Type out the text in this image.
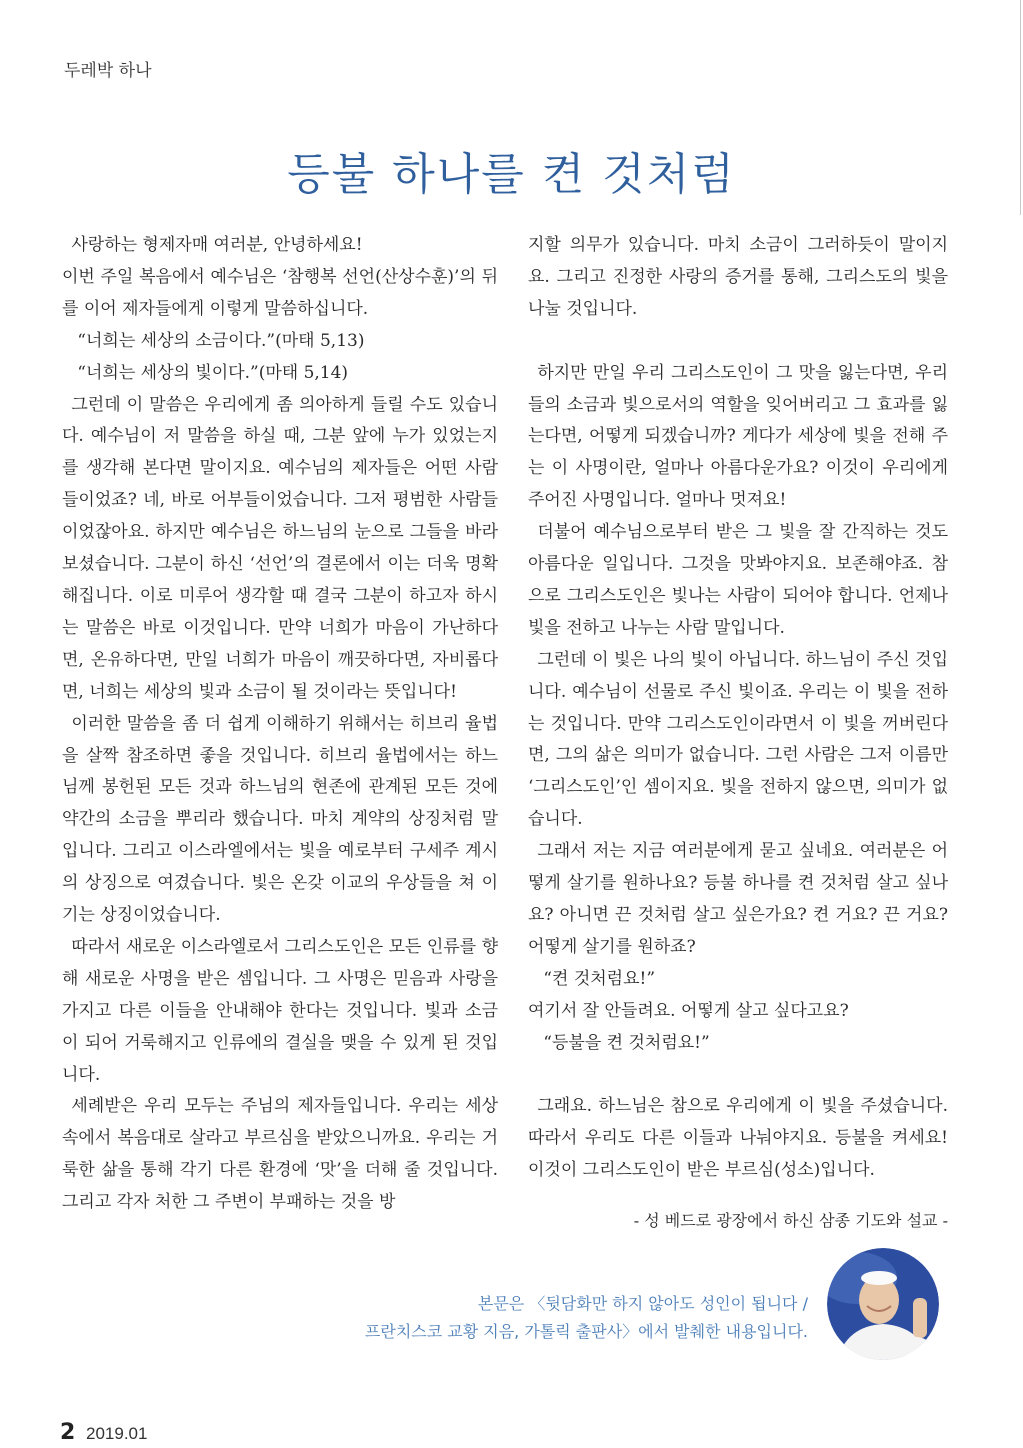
두레박 하나
등불 하나를 켠 것처럼

사랑하는 형제자매 여러분, 안녕하세요!

이번 주일 복음에서 예수님은 ‘참행복 선언(산상수훈)’의 뒤를 이어 제자들에게 이렇게 말씀하십니다.

“너희는 세상의 소금이다.”(마태 5,13)

“너희는 세상의 빛이다.”(마태 5,14)

그런데 이 말씀은 우리에게 좀 의아하게 들릴 수도 있습니다. 예수님이 저 말씀을 하실 때, 그분 앞에 누가 있었는지를 생각해 본다면 말이지요. 예수님의 제자들은 어떤 사람들이었죠? 네, 바로 어부들이었습니다. 그저 평범한 사람들이었잖아요. 하지만 예수님은 하느님의 눈으로 그들을 바라보셨습니다. 그분이 하신 ‘선언’의 결론에서 이는 더욱 명확해집니다. 이로 미루어 생각할 때 결국 그분이 하고자 하시는 말씀은 바로 이것입니다. 만약 너희가 마음이 가난하다면, 온유하다면, 만일 너희가 마음이 깨끗하다면, 자비롭다면, 너희는 세상의 빛과 소금이 될 것이라는 뜻입니다!

이러한 말씀을 좀 더 쉽게 이해하기 위해서는 히브리 율법을 살짝 참조하면 좋을 것입니다. 히브리 율법에서는 하느님께 봉헌된 모든 것과 하느님의 현존에 관계된 모든 것에 약간의 소금을 뿌리라 했습니다. 마치 계약의 상징처럼 말입니다. 그리고 이스라엘에서는 빛을 예로부터 구세주 계시의 상징으로 여겼습니다. 빛은 온갖 이교의 우상들을 쳐 이기는 상징이었습니다.

따라서 새로운 이스라엘로서 그리스도인은 모든 인류를 향해 새로운 사명을 받은 셈입니다. 그 사명은 믿음과 사랑을 가지고 다른 이들을 안내해야 한다는 것입니다. 빛과 소금이 되어 거룩해지고 인류에의 결실을 맺을 수 있게 된 것입니다.

세례받은 우리 모두는 주님의 제자들입니다. 우리는 세상 속에서 복음대로 살라고 부르심을 받았으니까요. 우리는 거룩한 삶을 통해 각기 다른 환경에 ‘맛’을 더해 줄 것입니다. 그리고 각자 처한 그 주변이 부패하는 것을 방

지할 의무가 있습니다. 마치 소금이 그러하듯이 말이지요. 그리고 진정한 사랑의 증거를 통해, 그리스도의 빛을 나눌 것입니다.

하지만 만일 우리 그리스도인이 그 맛을 잃는다면, 우리들의 소금과 빛으로서의 역할을 잊어버리고 그 효과를 잃는다면, 어떻게 되겠습니까? 게다가 세상에 빛을 전해 주는 이 사명이란, 얼마나 아름다운가요? 이것이 우리에게 주어진 사명입니다. 얼마나 멋져요!

더불어 예수님으로부터 받은 그 빛을 잘 간직하는 것도 아름다운 일입니다. 그것을 맛봐야지요. 보존해야죠. 참으로 그리스도인은 빛나는 사람이 되어야 합니다. 언제나 빛을 전하고 나누는 사람 말입니다.

그런데 이 빛은 나의 빛이 아닙니다. 하느님이 주신 것입니다. 예수님이 선물로 주신 빛이죠. 우리는 이 빛을 전하는 것입니다. 만약 그리스도인이라면서 이 빛을 꺼버린다면, 그의 삶은 의미가 없습니다. 그런 사람은 그저 이름만 ‘그리스도인’인 셈이지요. 빛을 전하지 않으면, 의미가 없습니다.

그래서 저는 지금 여러분에게 묻고 싶네요. 여러분은 어떻게 살기를 원하나요? 등불 하나를 켠 것처럼 살고 싶나요? 아니면 끈 것처럼 살고 싶은가요? 켠 거요? 끈 거요? 어떻게 살기를 원하죠?

“켠 것처럼요!”

여기서 잘 안들려요. 어떻게 살고 싶다고요?

“등불을 켠 것처럼요!”

그래요. 하느님은 참으로 우리에게 이 빛을 주셨습니다. 따라서 우리도 다른 이들과 나눠야지요. 등불을 켜세요! 이것이 그리스도인이 받은 부르심(성소)입니다.

- 성 베드로 광장에서 하신 삼종 기도와 설교 -
본문은 〈뒷담화만 하지 않아도 성인이 됩니다 /
프란치스코 교황 지음, 가톨릭 출판사〉에서 발췌한 내용입니다.
2 2019.01
